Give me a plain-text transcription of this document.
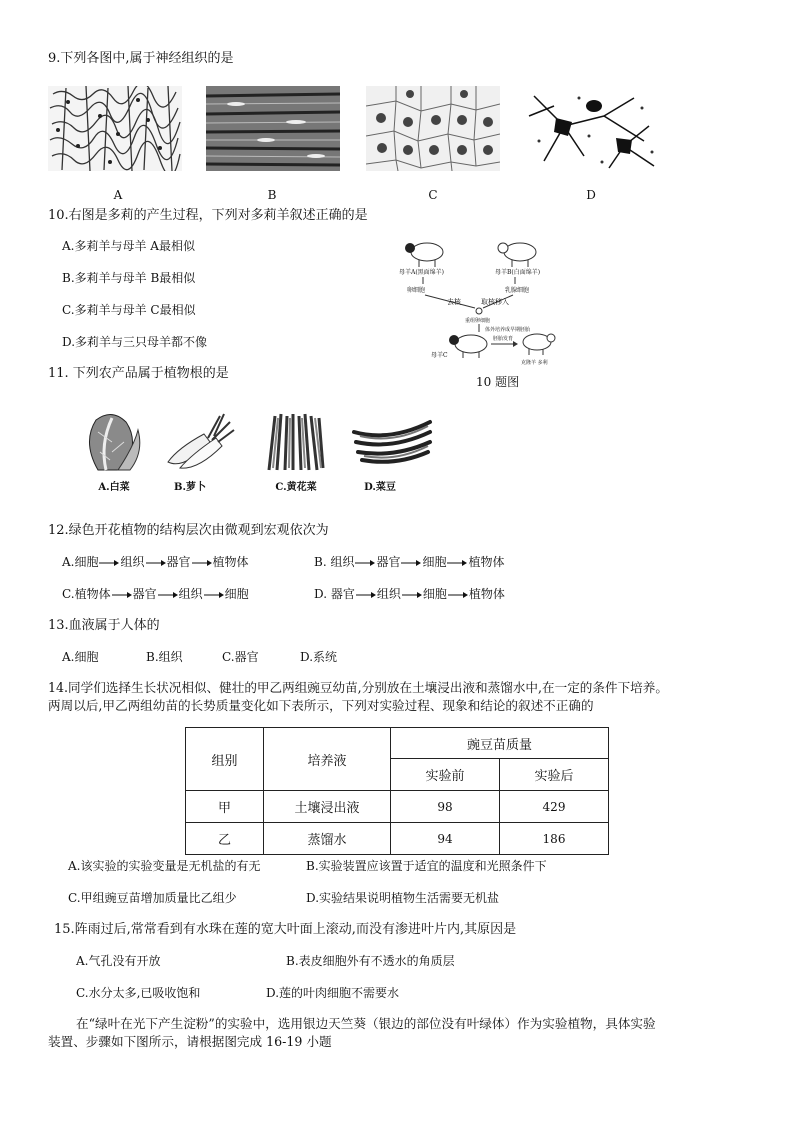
9.下列各图中,属于神经组织的是
A	B	C	D
10.右图是多莉的产生过程，下列对多莉羊叙述正确的是
A.多莉羊与母羊 A最相似
B.多莉羊与母羊 B最相似
C.多莉羊与母羊 C最相似
D.多莉羊与三只母羊都不像
母羊A(黑面绵羊)	母羊B(白面绵羊)
卵细胞	乳腺细胞
去核	取核移入
重组卵细胞
体外培养成早期胚胎
母羊C
胚胎发育
克隆羊 多利
10 题图
11. 下列农产品属于植物根的是
A.白菜	B.萝卜	C.黄花菜	D.菜豆
12.绿色开花植物的结构层次由微观到宏观依次为
A.细胞 组织 器官 植物体	B. 组织 器官 细胞 植物体
C.植物体 器官 组织 细胞	D. 器官 组织 细胞 植物体
13.血液属于人体的
A.细胞	B.组织	C.器官	D.系统
14.同学们选择生长状况相似、健壮的甲乙两组豌豆幼苗,分别放在土壤浸出液和蒸馏水中,在一定的条件下培养。
两周以后,甲乙两组幼苗的长势质量变化如下表所示，下列对实验过程、现象和结论的叙述不正确的
组别	培养液	豌豆苗质量	
		实验前	实验后
甲	土壤浸出液	98	429
乙	蒸馏水	94	186
A.该实验的实验变量是无机盐的有无	B.实验装置应该置于适宜的温度和光照条件下
C.甲组豌豆苗增加质量比乙组少	D.实验结果说明植物生活需要无机盐
15.阵雨过后,常常看到有水珠在莲的宽大叶面上滚动,而没有渗进叶片内,其原因是
A.气孔没有开放	B.表皮细胞外有不透水的角质层
C.水分太多,已吸收饱和	D.莲的叶肉细胞不需要水
在“绿叶在光下产生淀粉”的实验中，选用银边天竺葵（银边的部位没有叶绿体）作为实验植物，具体实验
装置、步骤如下图所示，请根据图完成 16-19 小题
